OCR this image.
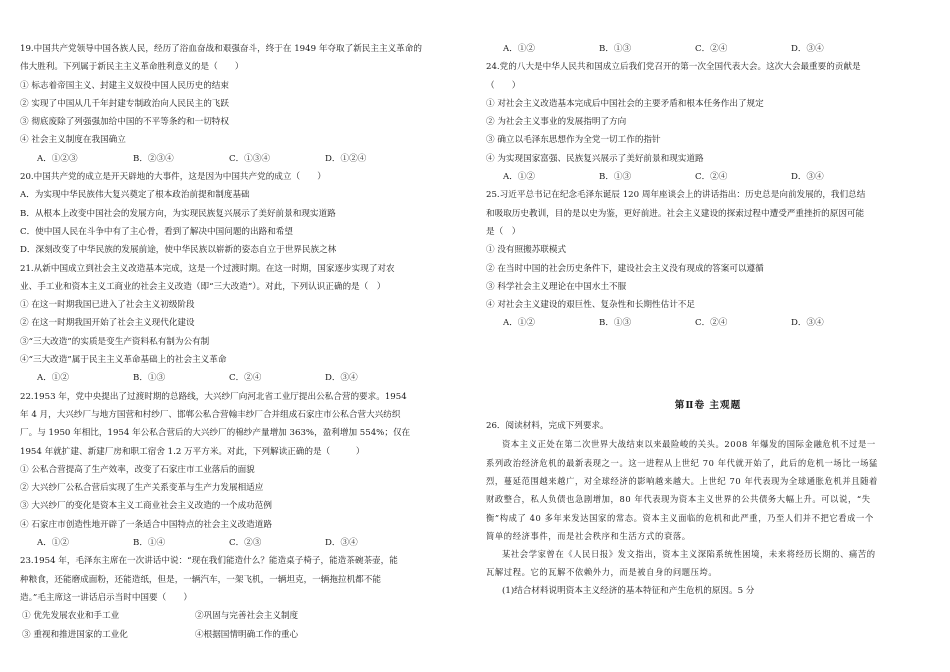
19.中国共产党领导中国各族人民，经历了浴血奋战和艰强奋斗，终于在 1949 年夺取了新民主主义革命的
伟大胜利。下列属于新民主主义革命胜利意义的是（　　）
① 标志着帝国主义、封建主义奴役中国人民历史的结束
② 实现了中国从几千年封建专制政治向人民民主的飞跃
③ 彻底废除了列强强加给中国的不平等条约和一切特权
④ 社会主义制度在我国确立
A．①②③	B．②③④	C．①③④	D．①②④
20.中国共产党的成立是开天辟地的大事件，这是因为中国共产党的成立（　　）
A．为实现中华民族伟大复兴奠定了根本政治前提和制度基础
B．从根本上改变中国社会的发展方向，为实现民族复兴展示了美好前景和现实道路
C．使中国人民在斗争中有了主心骨，看到了解决中国问题的出路和希望
D．深刻改变了中华民族的发展前途，使中华民族以崭新的姿态自立于世界民族之林
21.从新中国成立到社会主义改造基本完成，这是一个过渡时期。在这一时期，国家逐步实现了对农
业、手工业和资本主义工商业的社会主义改造（即“三大改造”）。对此，下列认识正确的是（　）
① 在这一时期我国已进入了社会主义初级阶段
② 在这一时期我国开始了社会主义现代化建设
③“三大改造”的实质是变生产资料私有制为公有制
④“三大改造”属于民主主义革命基础上的社会主义革命
A．①②	B．①③	C．②④	D．③④
22.1953 年，党中央提出了过渡时期的总路线，大兴纱厂向河北省工业厅提出公私合营的要求。1954
年 4 月，大兴纱厂与地方国营和村纱厂、邯郸公私合营翰丰纱厂合并组成石家庄市公私合营大兴纺织
厂。与 1950 年相比，1954 年公私合营后的大兴纱厂的棉纱产量增加 363%，盈利增加 554%；仅在
1954 年就扩建、新建厂房和职工宿舍 1.2 万平方米。对此，下列解读正确的是（　　　）
① 公私合营提高了生产效率，改变了石家庄市工业落后的面貌
② 大兴纱厂公私合营后实现了生产关系变革与生产力发展相适应
③ 大兴纱厂的变化是资本主义工商业社会主义改造的一个成功范例
④ 石家庄市创造性地开辟了一条适合中国特点的社会主义改造道路
A．①②	B．①④	C．②③	D．③④
23.1954 年，毛泽东主席在一次讲话中说：“现在我们能造什么？能造桌子椅子，能造茶碗茶壶，能
种粮食，还能磨成面粉，还能造纸，但是，一辆汽车，一架飞机，一辆坦克，一辆拖拉机都不能
造。”毛主席这一讲话启示当时中国要（　　）
① 优先发展农业和手工业	②巩固与完善社会主义制度
③ 重视和推进国家的工业化	④根据国情明确工作的重心
A．①②	B．①③	C．②④	D．③④
24.党的八大是中华人民共和国成立后我们党召开的第一次全国代表大会。这次大会最重要的贡献是
（　　）
① 对社会主义改造基本完成后中国社会的主要矛盾和根本任务作出了规定
② 为社会主义事业的发展指明了方向
③ 确立以毛泽东思想作为全党一切工作的指针
④ 为实现国家富强、民族复兴展示了美好前景和现实道路
A．①②	B．①③	C．②④	D．③④
25.习近平总书记在纪念毛泽东诞辰 120 周年座谈会上的讲话指出：历史总是向前发展的，我们总结
和吸取历史教训，目的是以史为鉴，更好前进。社会主义建设的探索过程中遭受严重挫折的原因可能
是（　）
① 没有照搬苏联模式
② 在当时中国的社会历史条件下，建设社会主义没有现成的答案可以遵循
③ 科学社会主义理论在中国水土不服
④ 对社会主义建设的艰巨性、复杂性和长期性估计不足
A．①②	B．①③	C．②④	D．③④
第Ⅱ卷 主观题
26．阅读材料，完成下列要求。
资本主义正处在第二次世界大战结束以来最险峻的关头。2008 年爆发的国际金融危机不过是一
系列政治经济危机的最新表现之一。这一进程从上世纪 70 年代就开始了，此后的危机一场比一场猛
烈，蔓延范围越来越广，对全球经济的影响越来越大。上世纪 70 年代表现为全球通胀危机并且随着
财政整合，私人负债也急剧增加，80 年代表现为资本主义世界的公共债务大幅上升。可以说，“失
衡”构成了 40 多年来发达国家的常态。资本主义面临的危机和此严重，乃至人们并不把它看成一个
简单的经济事件，而是社会秩序和生活方式的衰落。
某社会学家曾在《人民日报》发文指出，资本主义深陷系统性困境，未来将经历长期的、痛苦的
瓦解过程。它的瓦解不依赖外力，而是被自身的问题压垮。
(1)结合材料说明资本主义经济的基本特征和产生危机的原因。5 分
